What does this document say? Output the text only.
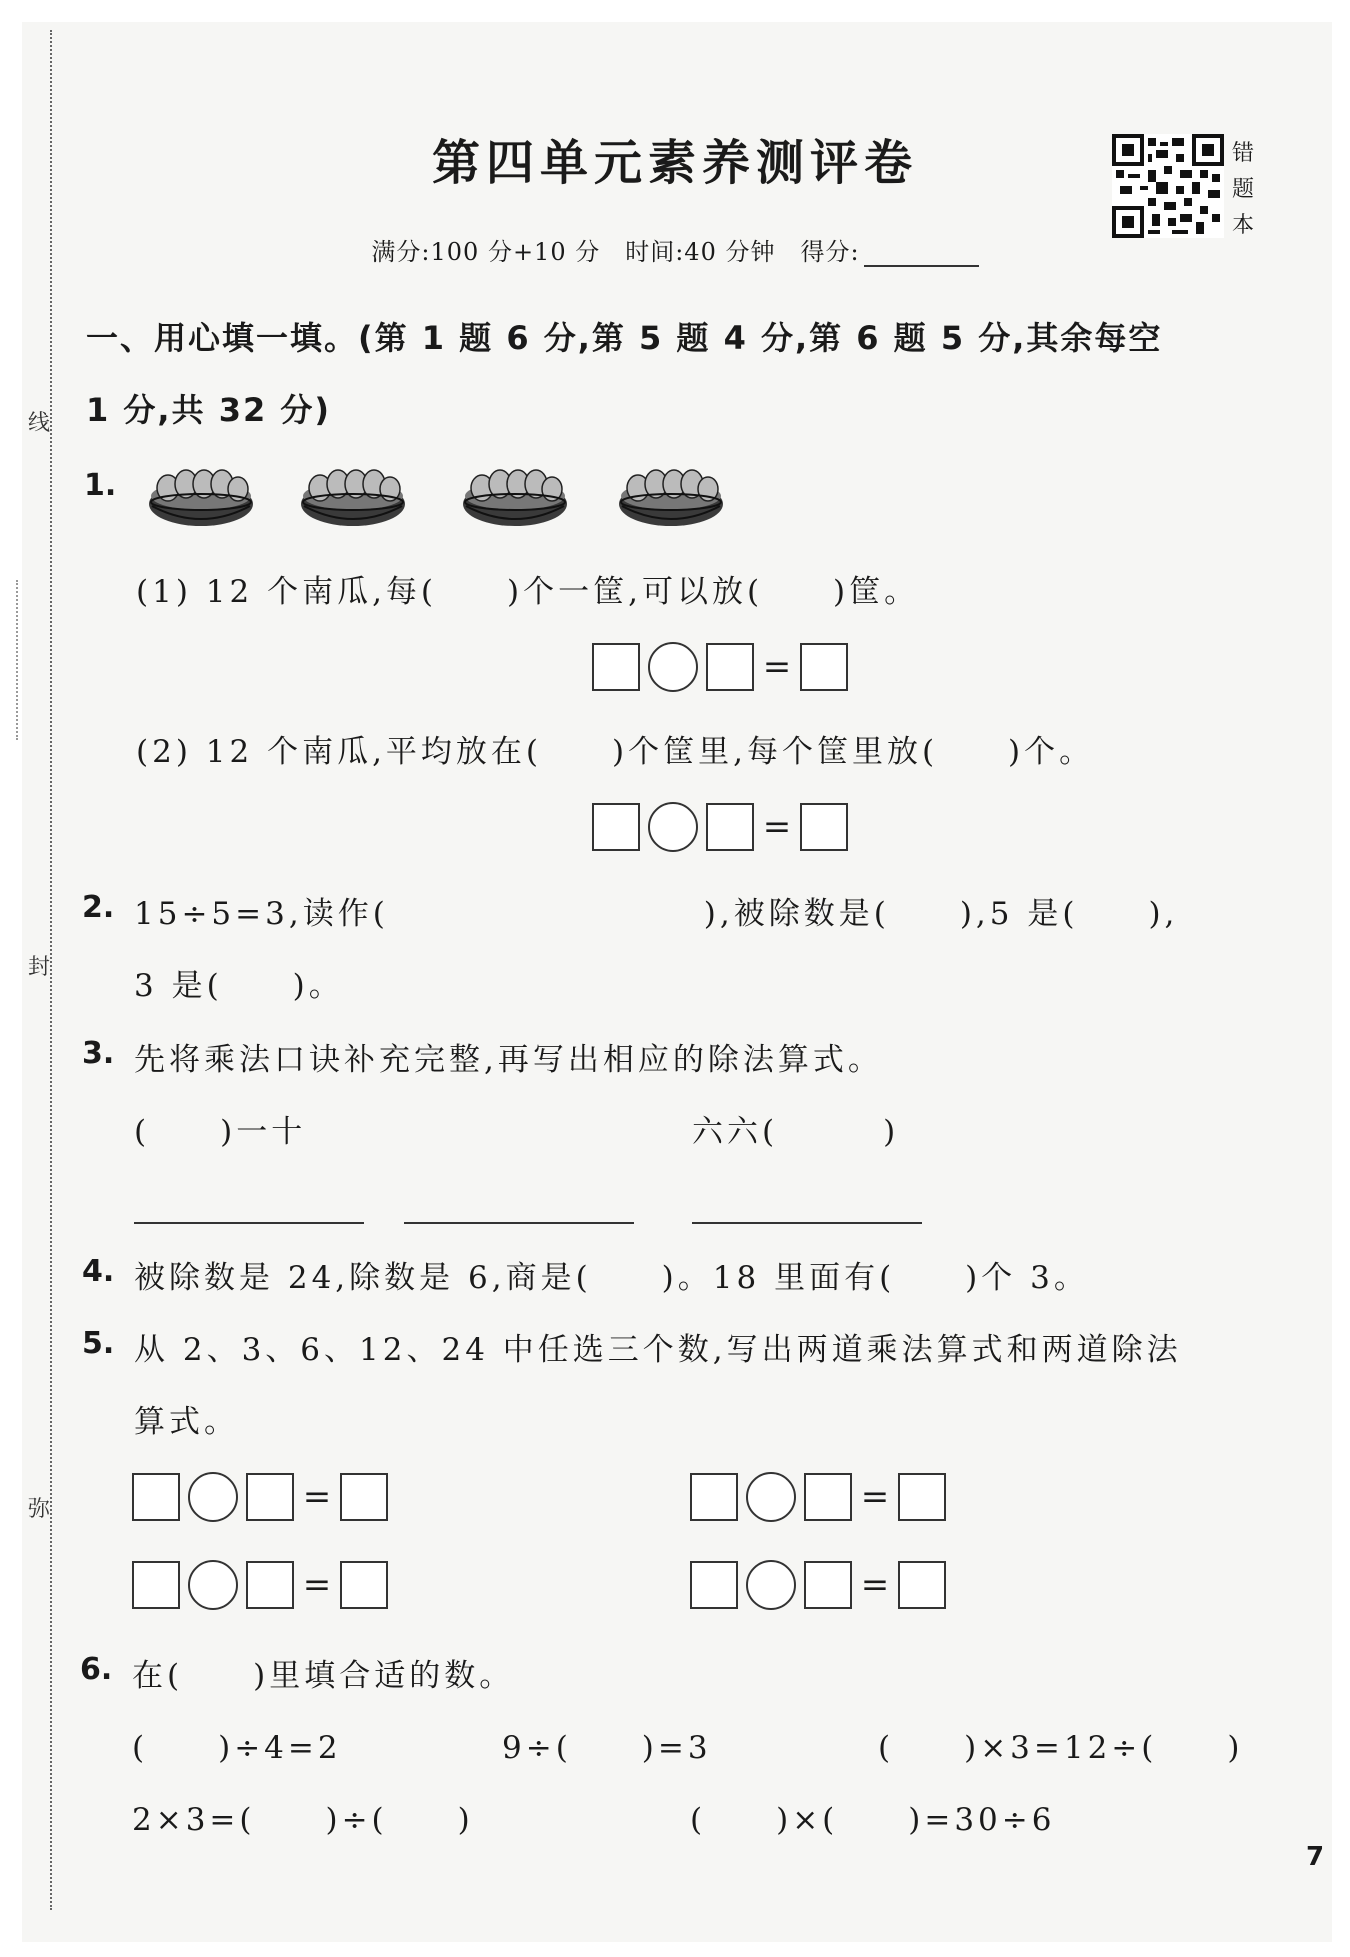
线
封
弥
第四单元素养测评卷	错
题
本
满分:100 分+10 分　时间:40 分钟　得分:
一、用心填一填。(第 1 题 6 分,第 5 题 4 分,第 6 题 5 分,其余每空
1 分,共 32 分)
1.
(1) 12 个南瓜,每(　　)个一筐,可以放(　　)筐。
=
(2) 12 个南瓜,平均放在(　　)个筐里,每个筐里放(　　)个。
=
2. 15÷5=3,读作(　　　　　　　　　),被除数是(　　),5 是(　　),
3 是(　　)。
3. 先将乘法口诀补充完整,再写出相应的除法算式。
(　　)一十	六六(　　　)
4. 被除数是 24,除数是 6,商是(　　)。18 里面有(　　)个 3。
5. 从 2、3、6、12、24 中任选三个数,写出两道乘法算式和两道除法
算式。
=	=
=	=
6. 在(　　)里填合适的数。
(　　)÷4=2	9÷(　　)=3	(　　)×3=12÷(　　)
2×3=(　　)÷(　　)	(　　)×(　　)=30÷6
7
